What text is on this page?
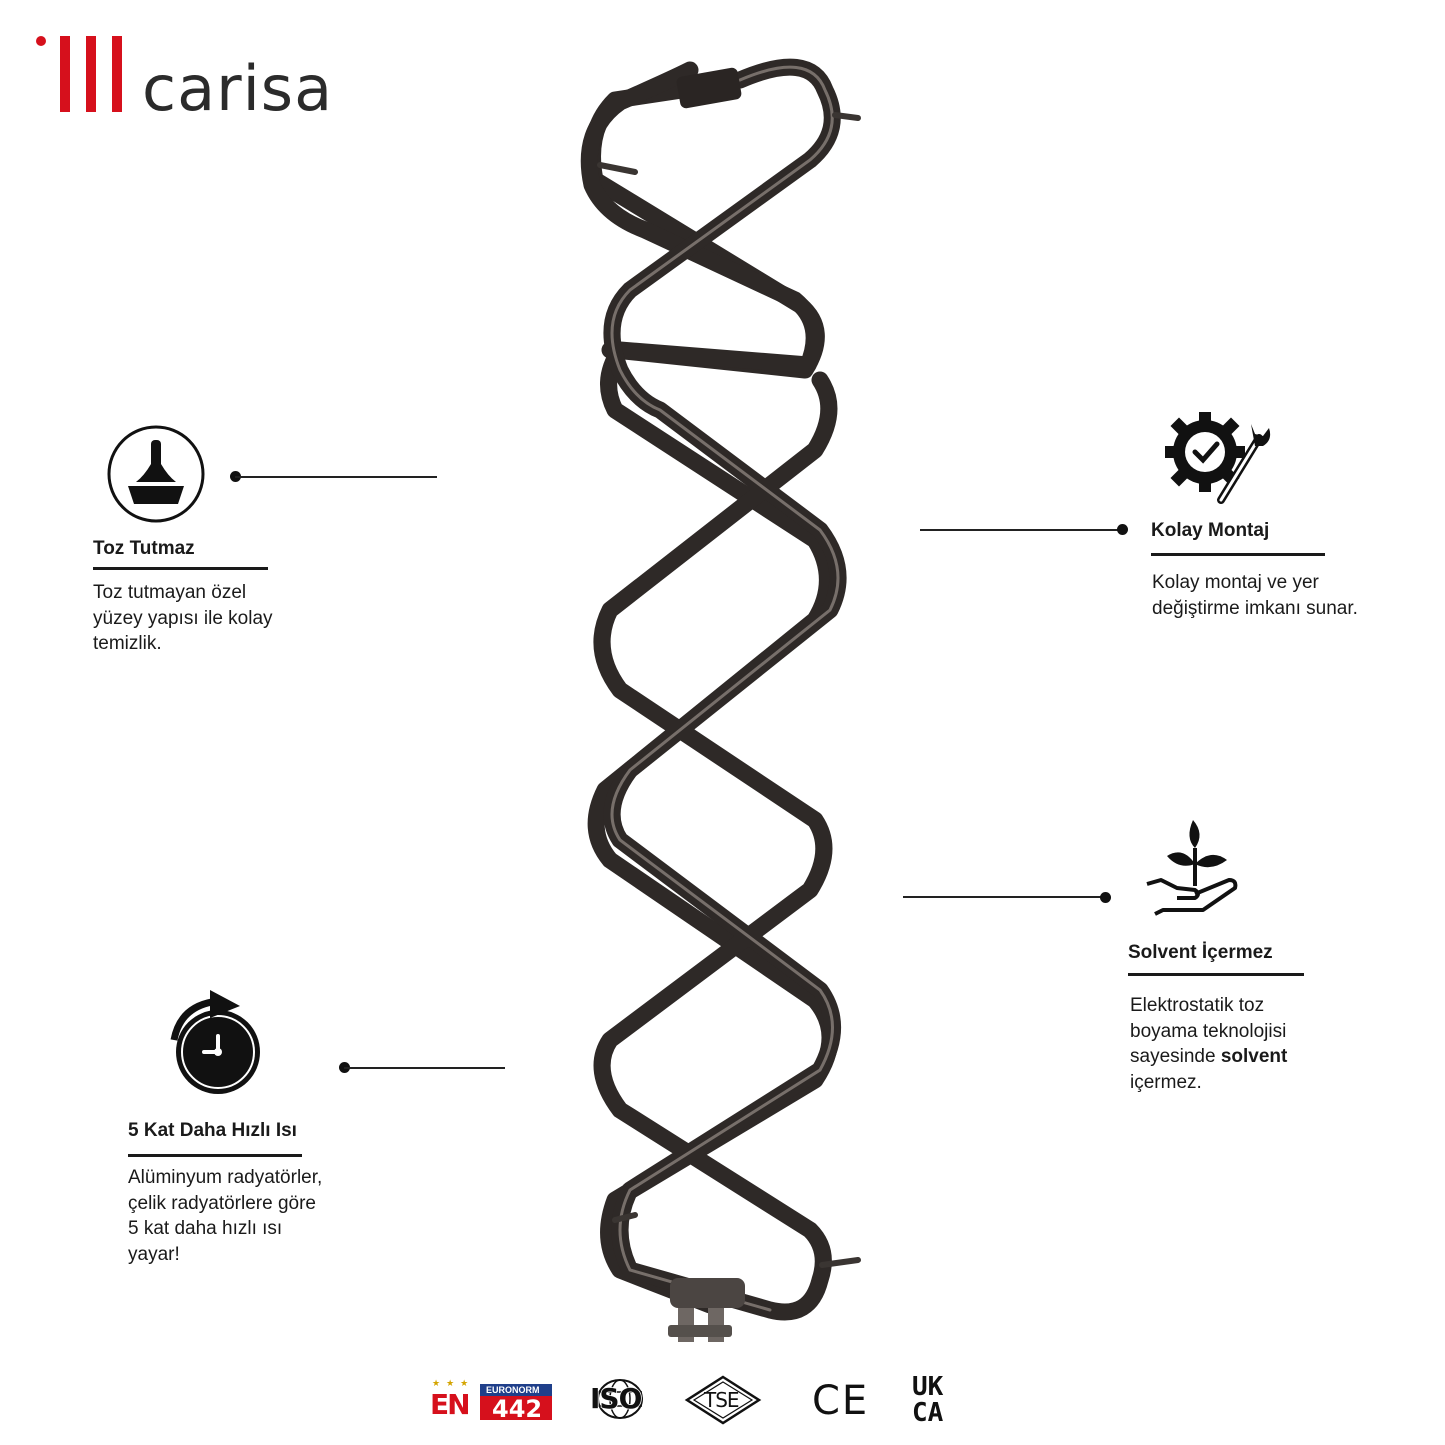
carisa
Toz Tutmaz
Toz tutmayan özel
yüzey yapısı ile kolay
temizlik.
Kolay Montaj
Kolay montaj ve yer
değiştirme imkanı sunar.
Solvent İçermez
Elektrostatik toz
boyama teknolojisi
sayesinde solvent
içermez.
5 Kat Daha Hızlı Isı
Alüminyum radyatörler,
çelik radyatörlere göre
5 kat daha hızlı ısı
yayar!
★★★
EN EURONORM
442 ISO	TSE CE UK
CA
